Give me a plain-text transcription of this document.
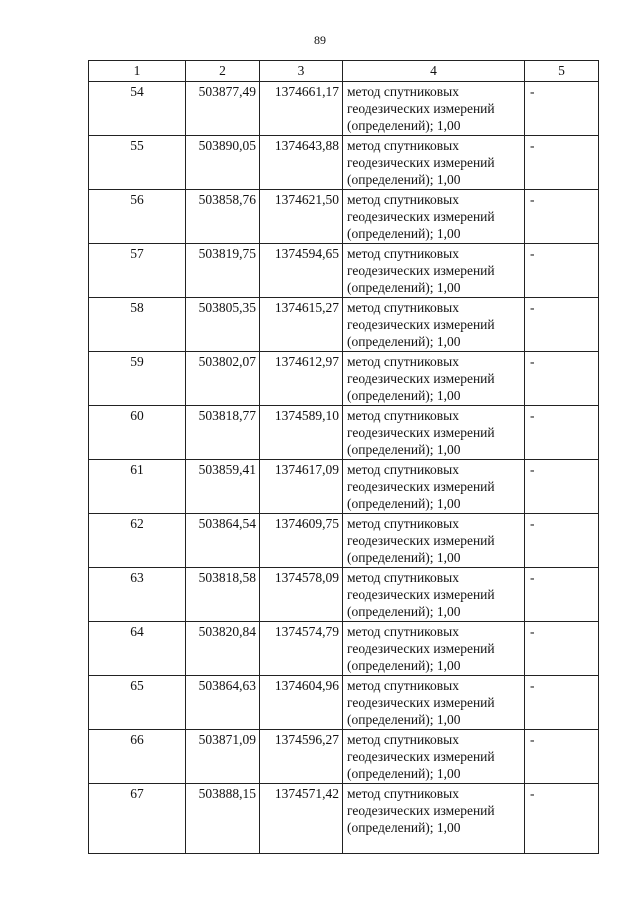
89
1	2	3	4	5
54	503877,49	1374661,17	метод спутниковых геодезических измерений (определений); 1,00	-
55	503890,05	1374643,88	метод спутниковых геодезических измерений (определений); 1,00	-
56	503858,76	1374621,50	метод спутниковых геодезических измерений (определений); 1,00	-
57	503819,75	1374594,65	метод спутниковых геодезических измерений (определений); 1,00	-
58	503805,35	1374615,27	метод спутниковых геодезических измерений (определений); 1,00	-
59	503802,07	1374612,97	метод спутниковых геодезических измерений (определений); 1,00	-
60	503818,77	1374589,10	метод спутниковых геодезических измерений (определений); 1,00	-
61	503859,41	1374617,09	метод спутниковых геодезических измерений (определений); 1,00	-
62	503864,54	1374609,75	метод спутниковых геодезических измерений (определений); 1,00	-
63	503818,58	1374578,09	метод спутниковых геодезических измерений (определений); 1,00	-
64	503820,84	1374574,79	метод спутниковых геодезических измерений (определений); 1,00	-
65	503864,63	1374604,96	метод спутниковых геодезических измерений (определений); 1,00	-
66	503871,09	1374596,27	метод спутниковых геодезических измерений (определений); 1,00	-
67	503888,15	1374571,42	метод спутниковых геодезических измерений (определений); 1,00	-
